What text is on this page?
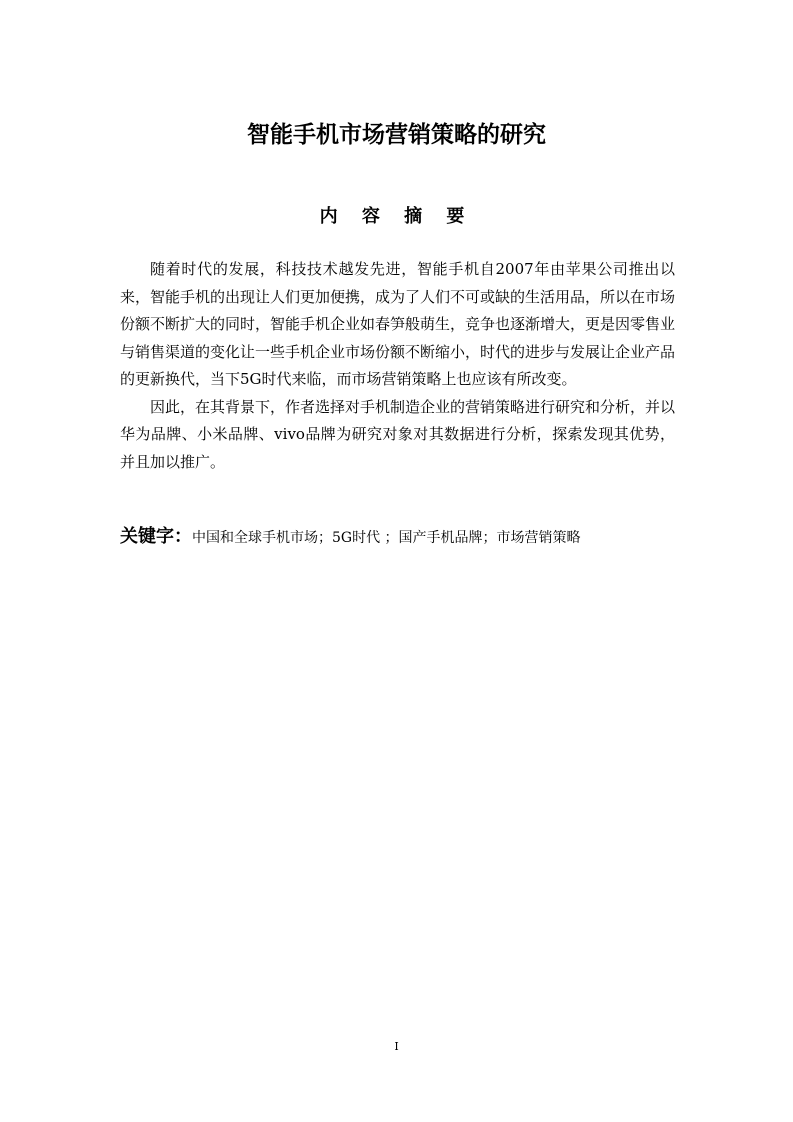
智能手机市场营销策略的研究
内 容 摘 要

随着时代的发展，科技技术越发先进，智能手机自2007年由苹果公司推出以来，智能手机的出现让人们更加便携，成为了人们不可或缺的生活用品，所以在市场份额不断扩大的同时，智能手机企业如春笋般萌生，竞争也逐渐增大，更是因零售业与销售渠道的变化让一些手机企业市场份额不断缩小，时代的进步与发展让企业产品的更新换代，当下5G时代来临，而市场营销策略上也应该有所改变。

因此，在其背景下，作者选择对手机制造企业的营销策略进行研究和分析，并以华为品牌、小米品牌、vivo品牌为研究对象对其数据进行分析，探索发现其优势，并且加以推广。

关键字：中国和全球手机市场；5G时代 ；国产手机品牌；市场营销策略

I
